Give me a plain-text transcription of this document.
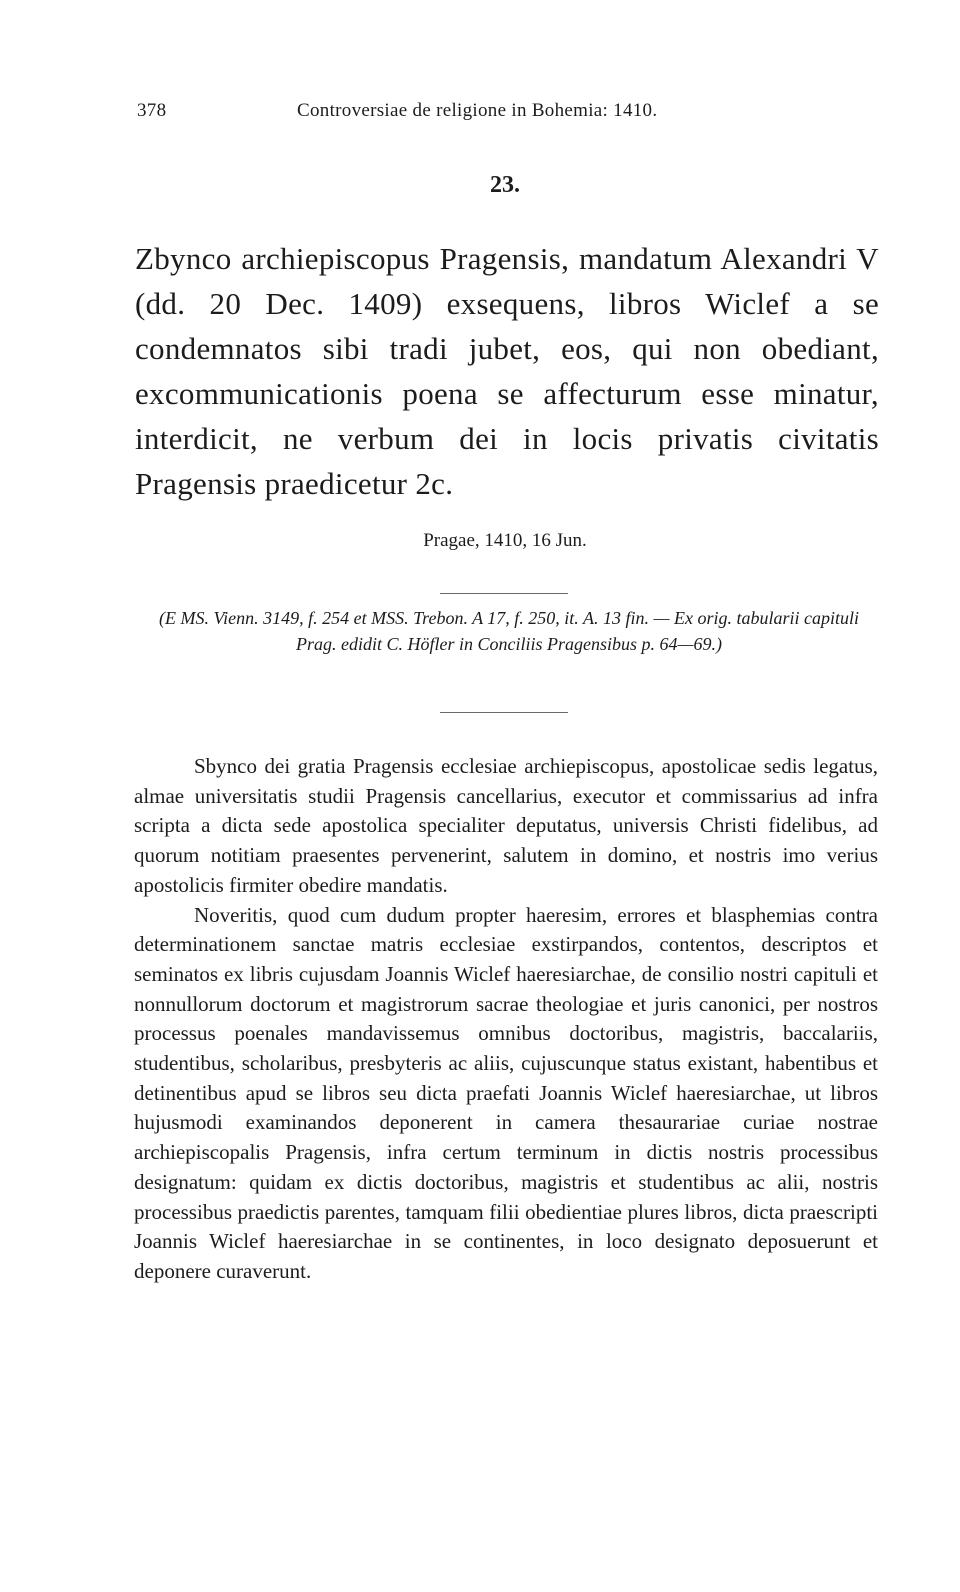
378	Controversiae de religione in Bohemia: 1410.
23.
Zbynco archiepiscopus Pragensis, mandatum Alexandri V (dd. 20 Dec. 1409) exsequens, libros Wiclef a se condemnatos sibi tradi jubet, eos, qui non obediant, excommunicationis poena se affecturum esse minatur, interdicit, ne verbum dei in locis privatis civitatis Pragensis praedicetur 2c.
Pragae, 1410, 16 Jun.
(E MS. Vienn. 3149, f. 254 et MSS. Trebon. A 17, f. 250, it. A. 13 fin. — Ex orig. tabularii capituli Prag. edidit C. Höfler in Conciliis Pragensibus p. 64—69.)

Sbynco dei gratia Pragensis ecclesiae archiepiscopus, apostolicae sedis legatus, almae universitatis studii Pragensis cancellarius, executor et commissarius ad infra scripta a dicta sede apostolica specialiter deputatus, universis Christi fidelibus, ad quorum notitiam praesentes pervenerint, salutem in domino, et nostris imo verius apostolicis firmiter obedire mandatis.

Noveritis, quod cum dudum propter haeresim, errores et blasphemias contra determinationem sanctae matris ecclesiae exstirpandos, contentos, descriptos et seminatos ex libris cujusdam Joannis Wiclef haeresiarchae, de consilio nostri capituli et nonnullorum doctorum et magistrorum sacrae theologiae et juris canonici, per nostros processus poenales mandavissemus omnibus doctoribus, magistris, baccalariis, studentibus, scholaribus, presbyteris ac aliis, cujuscunque status existant, habentibus et detinentibus apud se libros seu dicta praefati Joannis Wiclef haeresiarchae, ut libros hujusmodi examinandos deponerent in camera thesaurariae curiae nostrae archiepiscopalis Pragensis, infra certum terminum in dictis nostris processibus designatum: quidam ex dictis doctoribus, magistris et studentibus ac alii, nostris processibus praedictis parentes, tamquam filii obedientiae plures libros, dicta praescripti Joannis Wiclef haeresiarchae in se continentes, in loco designato deposuerunt et deponere curaverunt.
